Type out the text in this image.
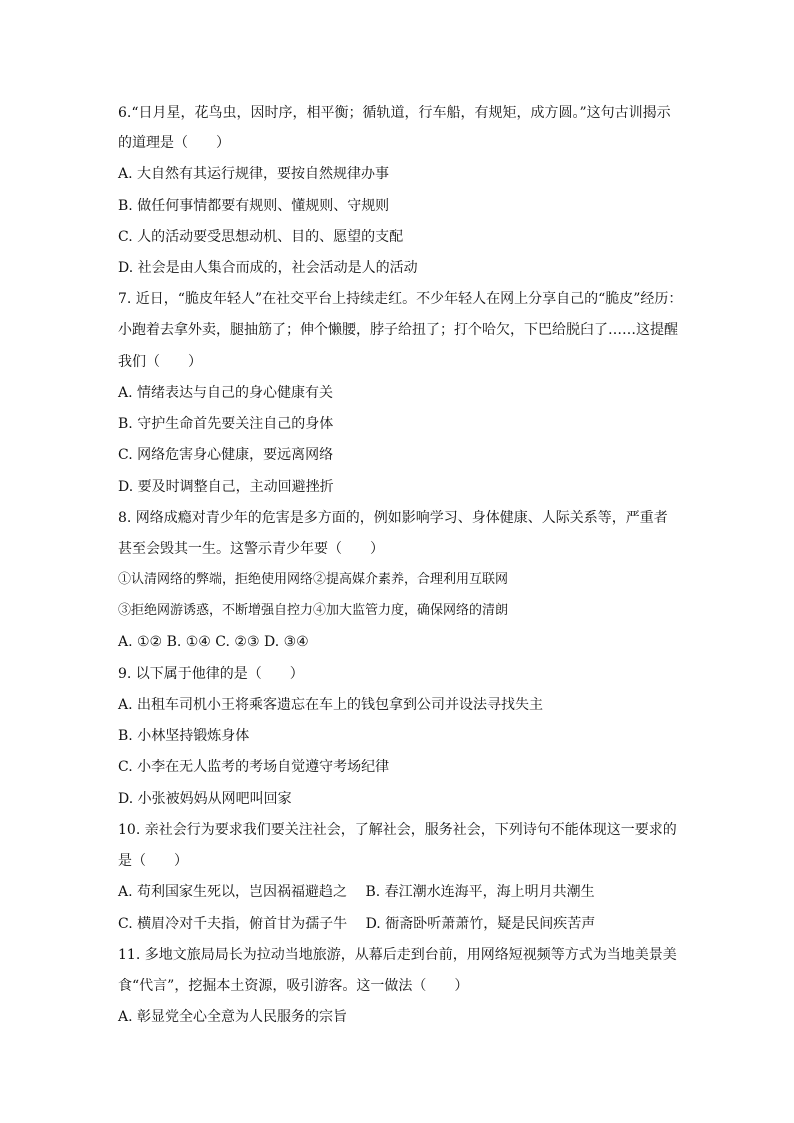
6.“日月星，花鸟虫，因时序，相平衡；循轨道，行车船，有规矩，成方圆。”这句古训揭示
的道理是（　　）
A. 大自然有其运行规律，要按自然规律办事
B. 做任何事情都要有规则、懂规则、守规则
C. 人的活动要受思想动机、目的、愿望的支配
D. 社会是由人集合而成的，社会活动是人的活动
7. 近日，“脆皮年轻人”在社交平台上持续走红。不少年轻人在网上分享自己的“脆皮”经历：
小跑着去拿外卖，腿抽筋了；伸个懒腰，脖子给扭了；打个哈欠，下巴给脱臼了……这提醒
我们（　　）
A. 情绪表达与自己的身心健康有关
B. 守护生命首先要关注自己的身体
C. 网络危害身心健康，要远离网络
D. 要及时调整自己，主动回避挫折
8. 网络成瘾对青少年的危害是多方面的，例如影响学习、身体健康、人际关系等，严重者
甚至会毁其一生。这警示青少年要（　　）
①认清网络的弊端，拒绝使用网络②提高媒介素养，合理利用互联网
③拒绝网游诱惑，不断增强自控力④加大监管力度，确保网络的清朗
A. ①② B. ①④ C. ②③ D. ③④
9. 以下属于他律的是（　　）
A. 出租车司机小王将乘客遗忘在车上的钱包拿到公司并设法寻找失主
B. 小林坚持锻炼身体
C. 小李在无人监考的考场自觉遵守考场纪律
D. 小张被妈妈从网吧叫回家
10. 亲社会行为要求我们要关注社会，了解社会，服务社会，下列诗句不能体现这一要求的
是（　　）
A. 苟利国家生死以，岂因祸福避趋之　 B. 春江潮水连海平，海上明月共潮生
C. 横眉冷对千夫指，俯首甘为孺子牛　 D. 衙斋卧听萧萧竹，疑是民间疾苦声
11. 多地文旅局局长为拉动当地旅游，从幕后走到台前，用网络短视频等方式为当地美景美
食“代言”，挖掘本土资源，吸引游客。这一做法（　　）
A. 彰显党全心全意为人民服务的宗旨
